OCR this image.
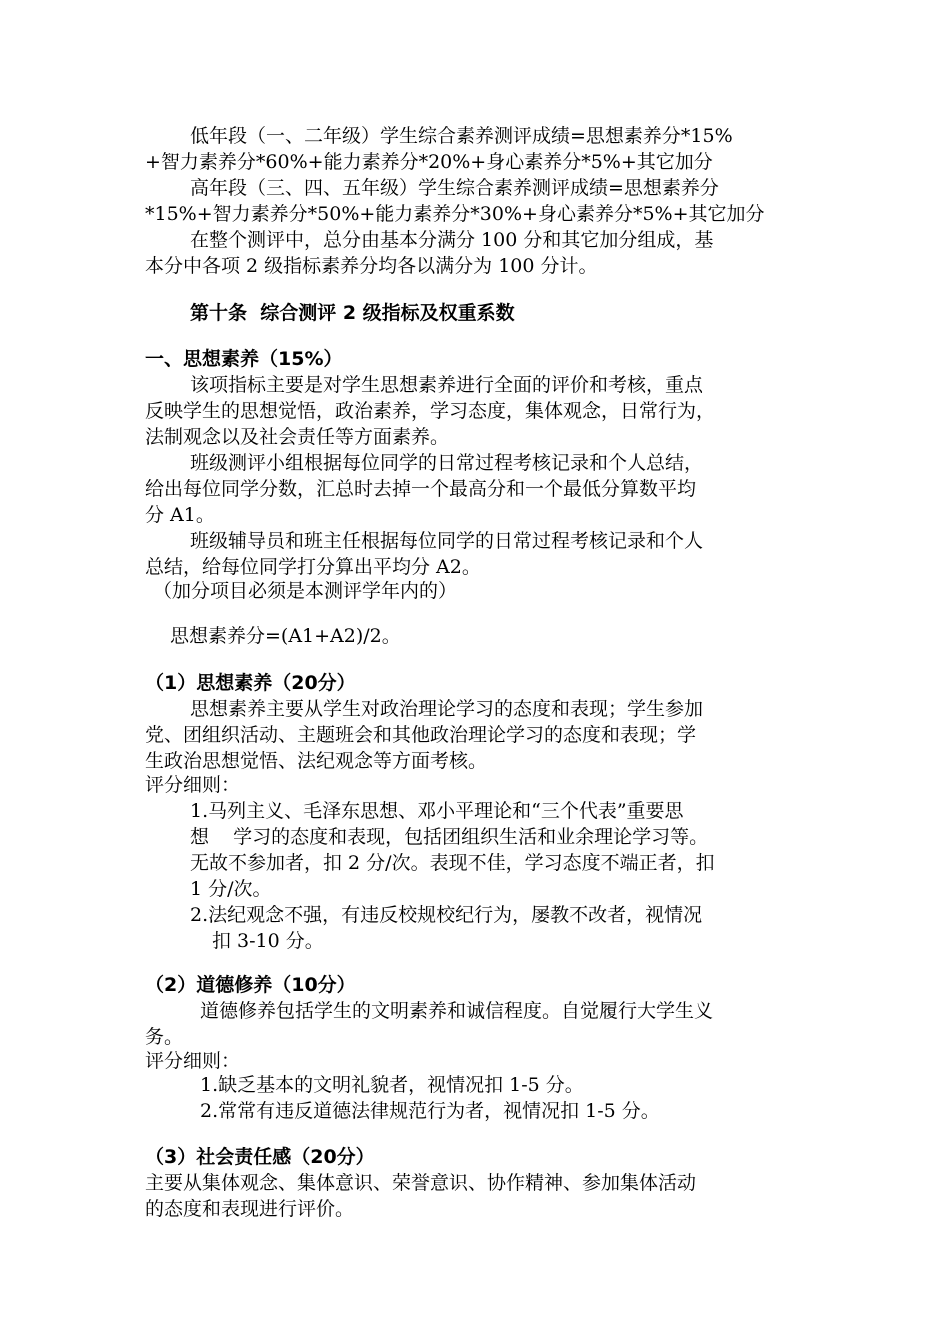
低年段（一、二年级）学生综合素养测评成绩=思想素养分*15%
+智力素养分*60%+能力素养分*20%+身心素养分*5%+其它加分
高年段（三、四、五年级）学生综合素养测评成绩=思想素养分
*15%+智力素养分*50%+能力素养分*30%+身心素养分*5%+其它加分
在整个测评中，总分由基本分满分 100 分和其它加分组成，基
本分中各项 2 级指标素养分均各以满分为 100 分计。
第十条  综合测评 2 级指标及权重系数
一、思想素养（15%）
该项指标主要是对学生思想素养进行全面的评价和考核，重点
反映学生的思想觉悟，政治素养，学习态度，集体观念，日常行为，
法制观念以及社会责任等方面素养。
班级测评小组根据每位同学的日常过程考核记录和个人总结，
给出每位同学分数，汇总时去掉一个最高分和一个最低分算数平均
分 A1。
班级辅导员和班主任根据每位同学的日常过程考核记录和个人
总结，给每位同学打分算出平均分 A2。
（加分项目必须是本测评学年内的）
思想素养分=(A1+A2)/2。
（1）思想素养（20分）
思想素养主要从学生对政治理论学习的态度和表现；学生参加
党、团组织活动、主题班会和其他政治理论学习的态度和表现；学
生政治思想觉悟、法纪观念等方面考核。
评分细则：
1.马列主义、毛泽东思想、邓小平理论和“三个代表”重要思
想    学习的态度和表现，包括团组织生活和业余理论学习等。
无故不参加者，扣 2 分/次。表现不佳，学习态度不端正者，扣
1 分/次。
2.法纪观念不强，有违反校规校纪行为，屡教不改者，视情况
扣 3-10 分。
（2）道德修养（10分）
道德修养包括学生的文明素养和诚信程度。自觉履行大学生义
务。
评分细则：
1.缺乏基本的文明礼貌者，视情况扣 1-5 分。
2.常常有违反道德法律规范行为者，视情况扣 1-5 分。
（3）社会责任感（20分）
主要从集体观念、集体意识、荣誉意识、协作精神、参加集体活动
的态度和表现进行评价。
